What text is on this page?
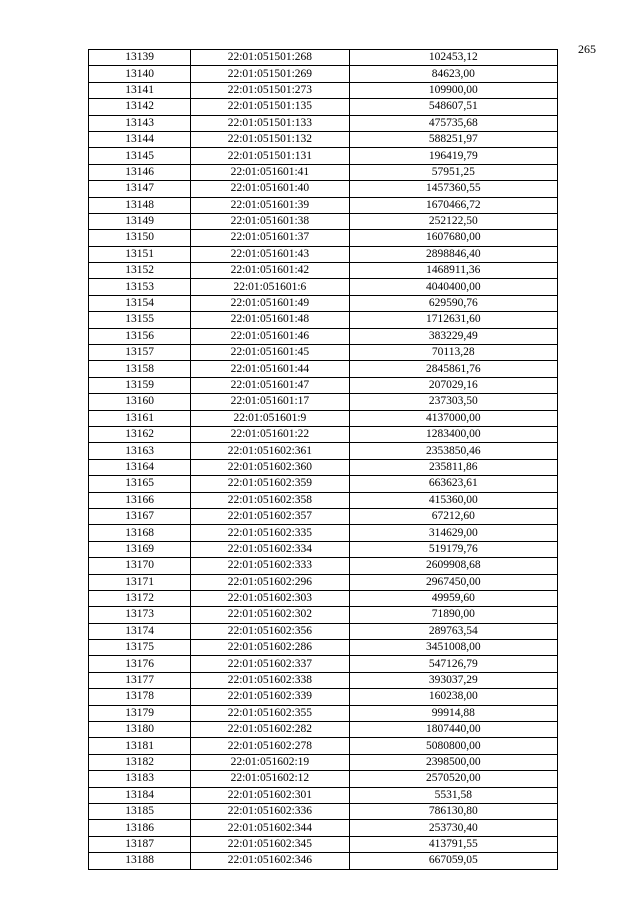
265
13139	22:01:051501:268	102453,12
13140	22:01:051501:269	84623,00
13141	22:01:051501:273	109900,00
13142	22:01:051501:135	548607,51
13143	22:01:051501:133	475735,68
13144	22:01:051501:132	588251,97
13145	22:01:051501:131	196419,79
13146	22:01:051601:41	57951,25
13147	22:01:051601:40	1457360,55
13148	22:01:051601:39	1670466,72
13149	22:01:051601:38	252122,50
13150	22:01:051601:37	1607680,00
13151	22:01:051601:43	2898846,40
13152	22:01:051601:42	1468911,36
13153	22:01:051601:6	4040400,00
13154	22:01:051601:49	629590,76
13155	22:01:051601:48	1712631,60
13156	22:01:051601:46	383229,49
13157	22:01:051601:45	70113,28
13158	22:01:051601:44	2845861,76
13159	22:01:051601:47	207029,16
13160	22:01:051601:17	237303,50
13161	22:01:051601:9	4137000,00
13162	22:01:051601:22	1283400,00
13163	22:01:051602:361	2353850,46
13164	22:01:051602:360	235811,86
13165	22:01:051602:359	663623,61
13166	22:01:051602:358	415360,00
13167	22:01:051602:357	67212,60
13168	22:01:051602:335	314629,00
13169	22:01:051602:334	519179,76
13170	22:01:051602:333	2609908,68
13171	22:01:051602:296	2967450,00
13172	22:01:051602:303	49959,60
13173	22:01:051602:302	71890,00
13174	22:01:051602:356	289763,54
13175	22:01:051602:286	3451008,00
13176	22:01:051602:337	547126,79
13177	22:01:051602:338	393037,29
13178	22:01:051602:339	160238,00
13179	22:01:051602:355	99914,88
13180	22:01:051602:282	1807440,00
13181	22:01:051602:278	5080800,00
13182	22:01:051602:19	2398500,00
13183	22:01:051602:12	2570520,00
13184	22:01:051602:301	5531,58
13185	22:01:051602:336	786130,80
13186	22:01:051602:344	253730,40
13187	22:01:051602:345	413791,55
13188	22:01:051602:346	667059,05
